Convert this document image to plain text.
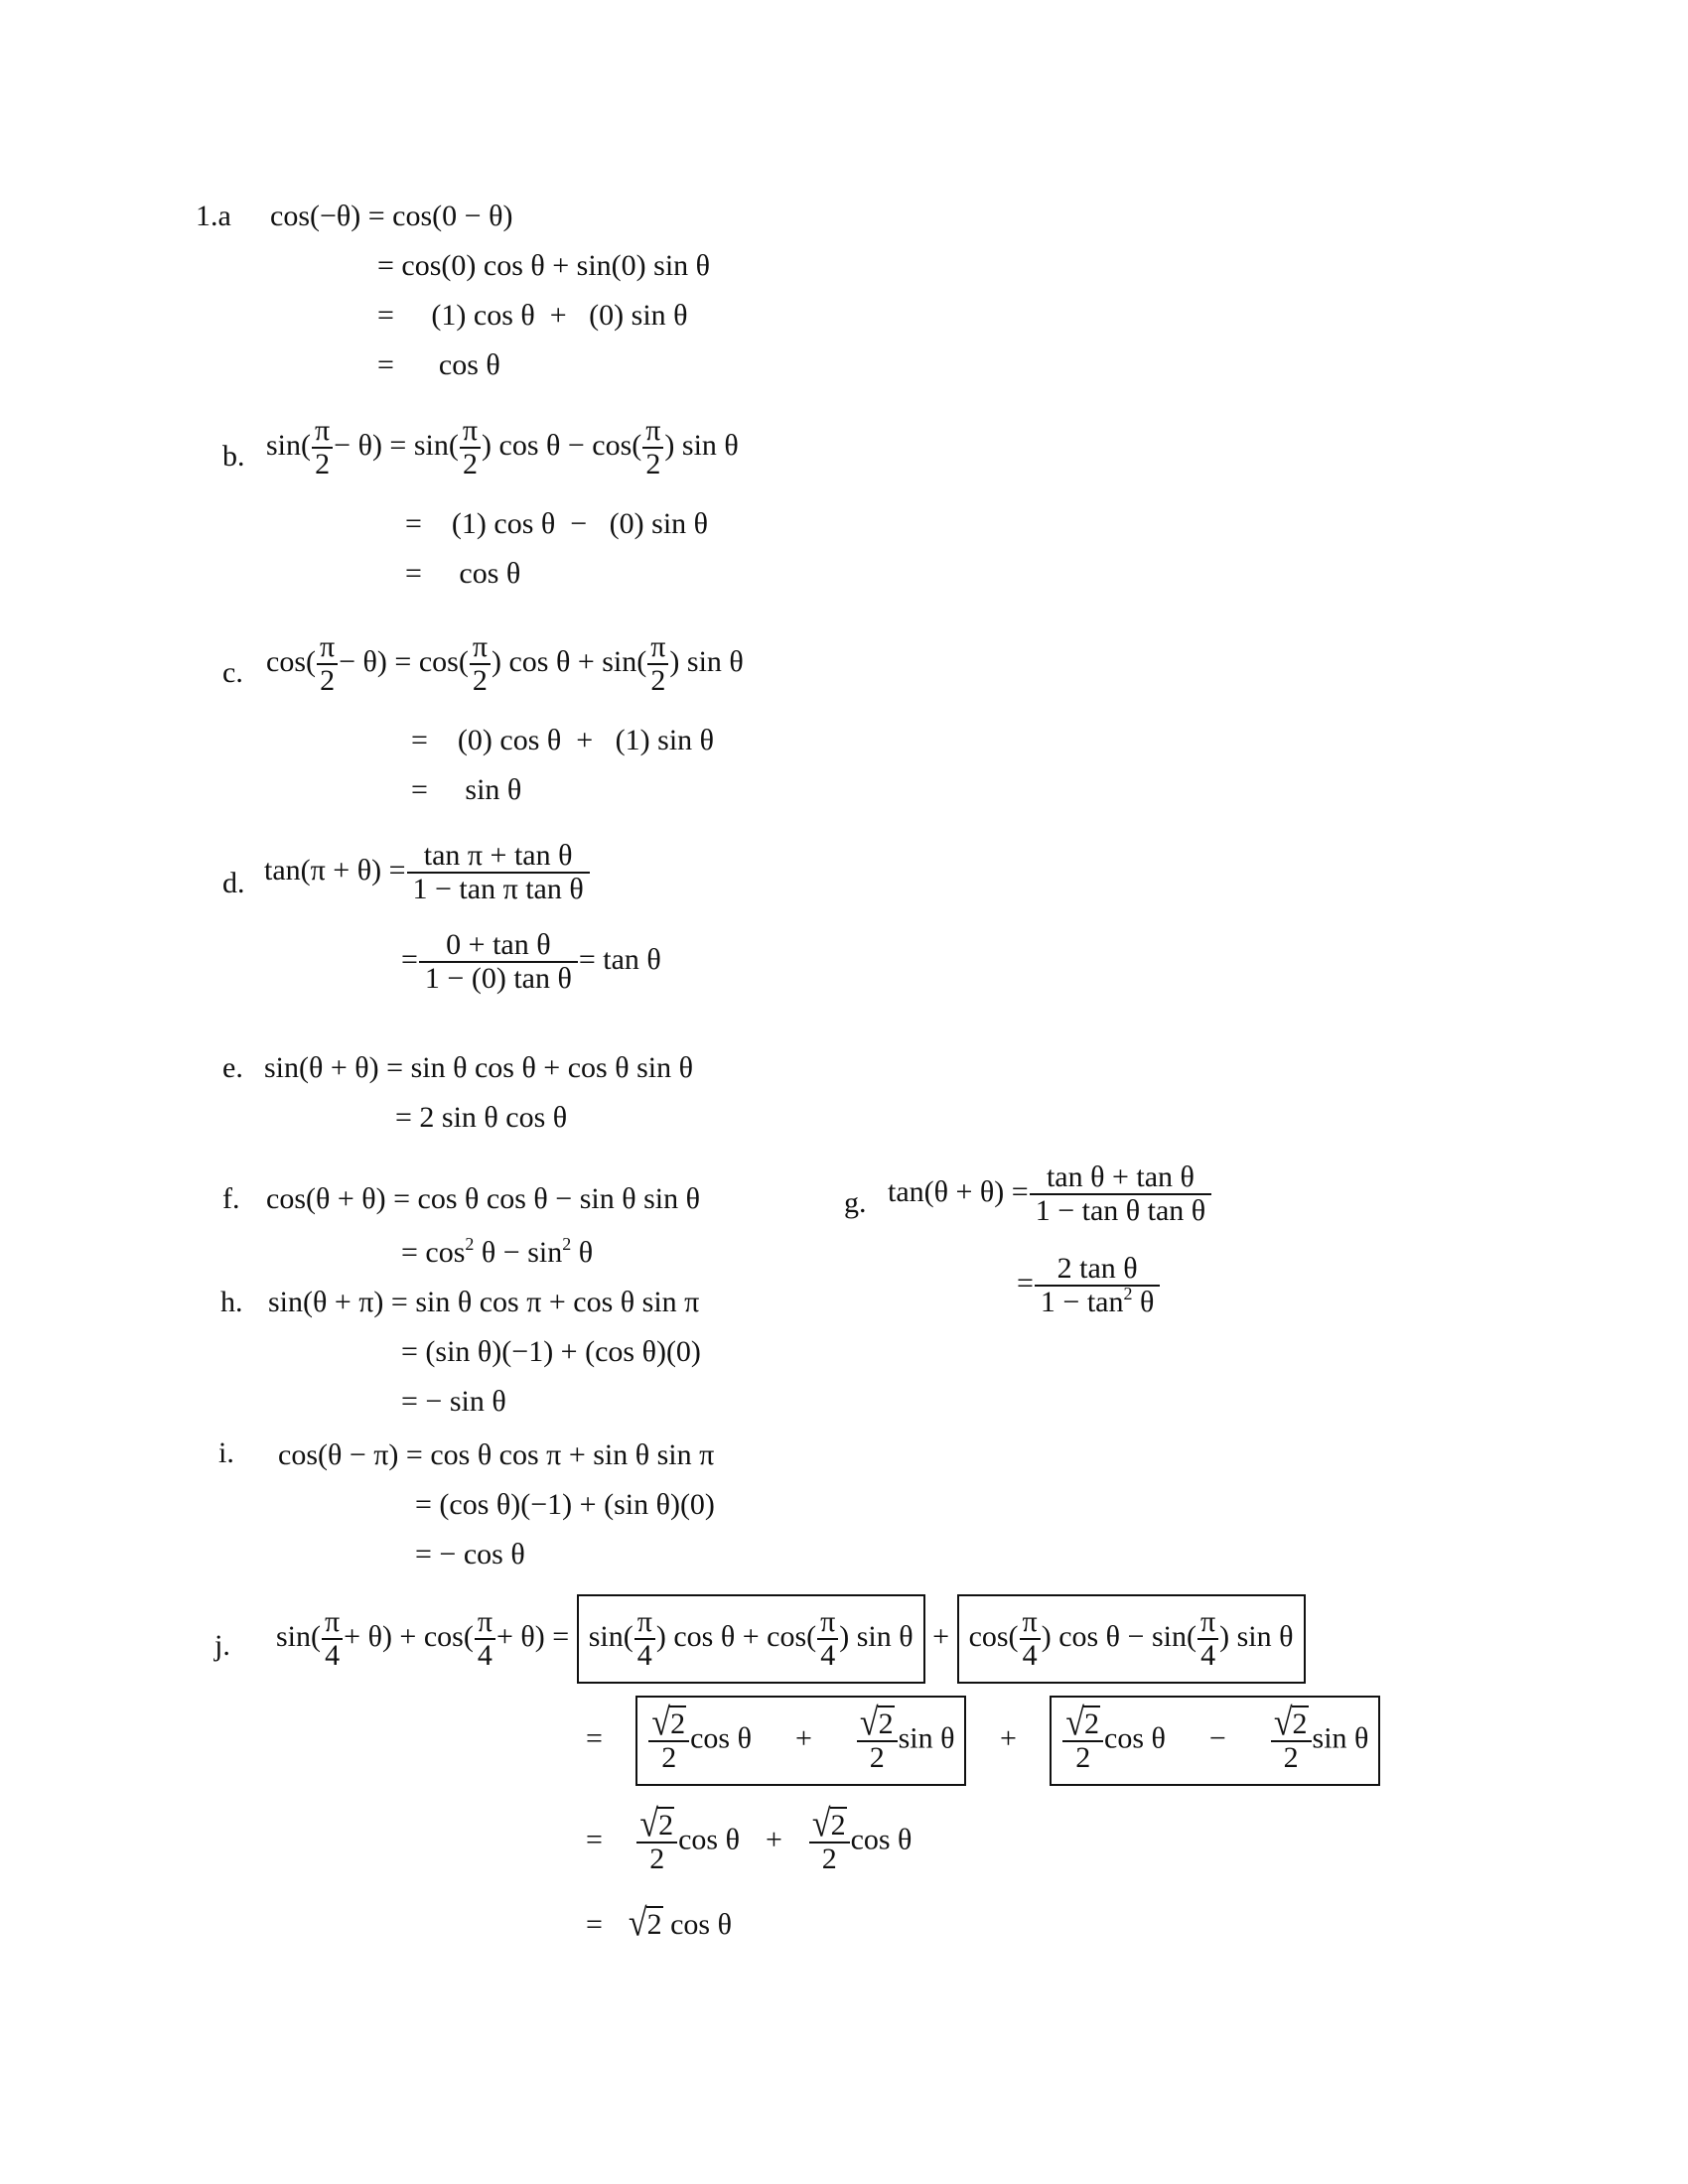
1.a cos(−θ) = cos(0 − θ)
= cos(0) cos θ + sin(0) sin θ
=     (1) cos θ  +   (0) sin θ
=      cos θ
b. $\sin( \frac{\pi}{2} - \theta) = \sin( \frac{\pi}{2}$ ) $\cos \theta - \cos( \frac{\pi}{2}$ ) sin θ
=    (1) cos θ  −   (0) sin θ
=     cos θ
c. $\cos( \frac{\pi}{2} - \theta) = \cos( \frac{\pi}{2}$ ) $\cos \theta + \sin( \frac{\pi}{2}$ ) sin θ
=    (0) cos θ  +   (1) sin θ
=     sin θ
d. $\tan(\pi + \theta) = \frac{\text{tan π + tan θ}}{\text{1 − tan π tan θ}}$
= $\frac{\text{0 + tan θ}}{\text{1 − (0) tan θ}} = \tan \theta$
e. sin(θ + θ) = sin θ cos θ + cos θ sin θ
= 2 sin θ cos θ
f. cos(θ + θ) = cos θ cos θ − sin θ sin θ
= $\cos^2 \theta - \sin^2 \theta$
g. $\tan(\theta + \theta) = \frac{\text{tan θ + tan θ}}{\text{1 − tan θ tan θ}}$
= $\frac{\text{2 tan θ}}{1 - \tan^2 \theta}$
h. sin(θ + π) = sin θ cos π + cos θ sin π
= (sin θ)(−1) + (cos θ)(0)
= − sin θ
i. cos(θ − π) = cos θ cos π + sin θ sin π
= (cos θ)(−1) + (sin θ)(0)
= − cos θ
j. $\sin( \frac{\pi}{4} + \theta) + \cos( \frac{\pi}{4} + \theta) = \sin( \frac{\pi}{4}$ ) $\cos \theta + \cos( \frac{\pi}{4}$ ) $\sin \theta + \cos( \frac{\pi}{4}$ ) $\cos \theta - \sin( \frac{\pi}{4}$ ) sin θ
= $\frac{√2}{2}$ $\cos \theta + \frac{√2}{2}$ $\sin \theta + \frac{√2}{2}$ $\cos \theta - \frac{√2}{2}$ sin θ
= $\frac{√2}{2}$ $\cos \theta + \frac{√2}{2}$ cos θ
= √2 cos θ
